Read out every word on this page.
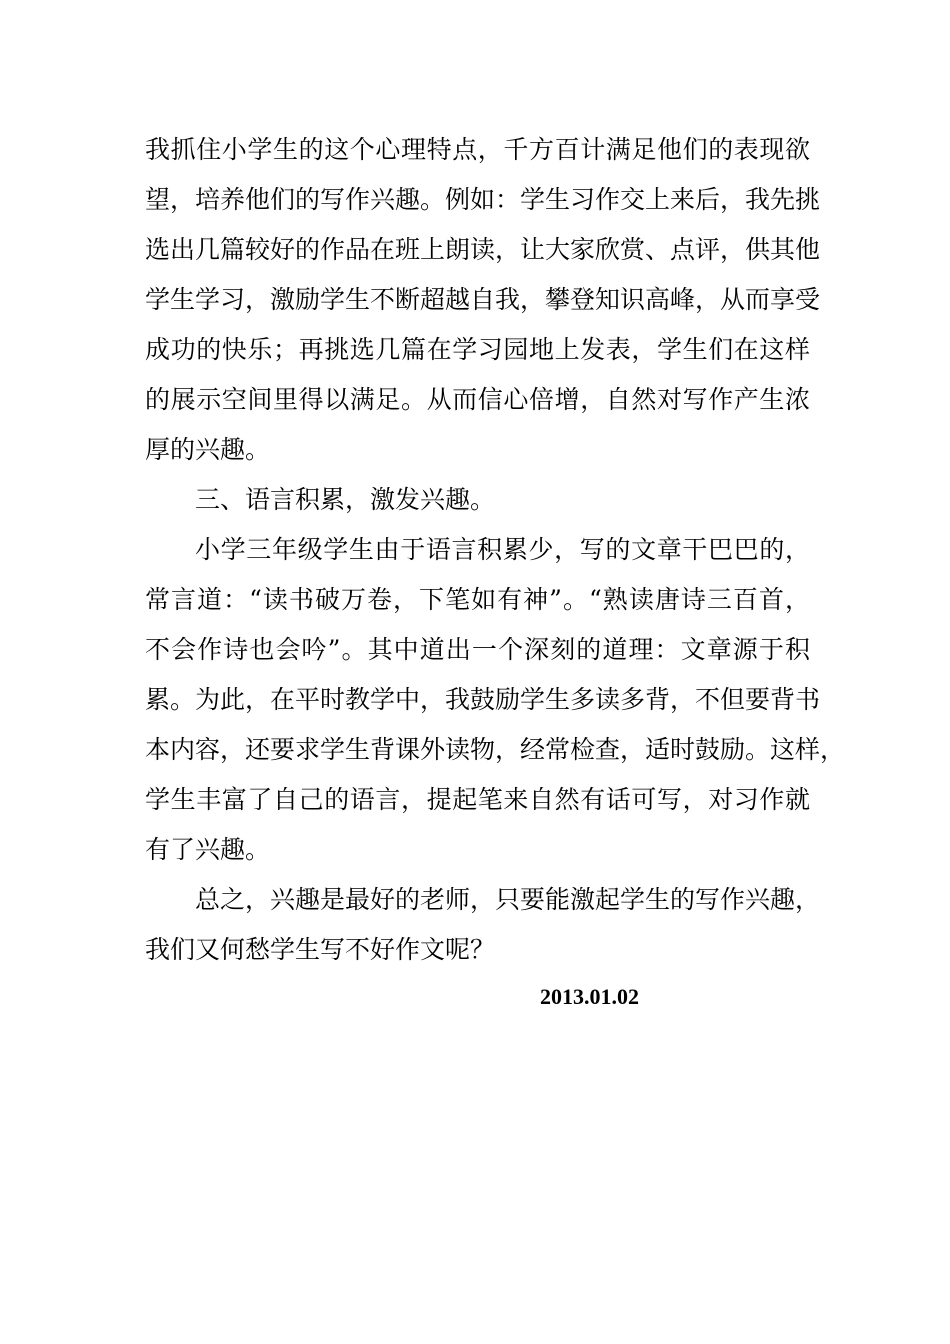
我抓住小学生的这个心理特点，千方百计满足他们的表现欲
望，培养他们的写作兴趣。例如：学生习作交上来后，我先挑
选出几篇较好的作品在班上朗读，让大家欣赏、点评，供其他
学生学习，激励学生不断超越自我，攀登知识高峰，从而享受
成功的快乐；再挑选几篇在学习园地上发表，学生们在这样
的展示空间里得以满足。从而信心倍增，自然对写作产生浓
厚的兴趣。
三、语言积累，激发兴趣。
小学三年级学生由于语言积累少，写的文章干巴巴的，
常言道：“读书破万卷，下笔如有神”。“熟读唐诗三百首，
不会作诗也会吟”。其中道出一个深刻的道理：文章源于积
累。为此，在平时教学中，我鼓励学生多读多背，不但要背书
本内容，还要求学生背课外读物，经常检查，适时鼓励。这样，
学生丰富了自己的语言，提起笔来自然有话可写，对习作就
有了兴趣。
总之，兴趣是最好的老师，只要能激起学生的写作兴趣，
我们又何愁学生写不好作文呢？
2013.01.02
